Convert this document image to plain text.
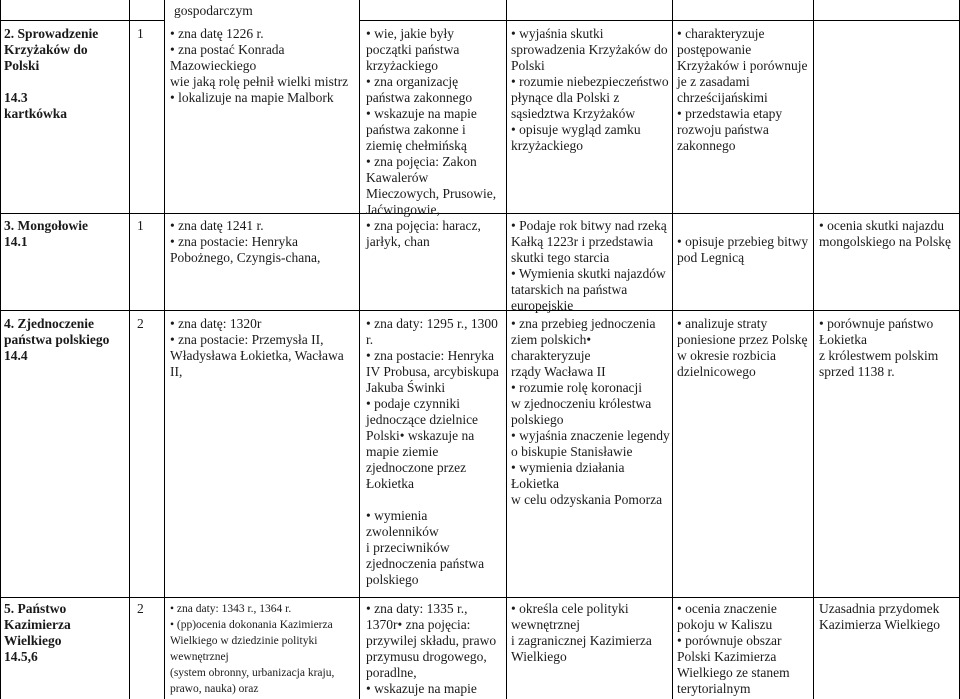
gospodarczym
2. Sprowadzenie Krzyżaków do Polski

14.3
kartkówka
1 • zna datę 1226 r.
• zna postać Konrada
Mazowieckiego
wie jaką rolę pełnił wielki mistrz
• lokalizuje na mapie Malbork
• wie, jakie były
początki państwa
krzyżackiego
• zna organizację
państwa zakonnego
• wskazuje na mapie
państwa zakonne i
ziemię chełmińską
• zna pojęcia: Zakon
Kawalerów
Mieczowych, Prusowie,
Jaćwingowie,
• wyjaśnia skutki
sprowadzenia Krzyżaków do
Polski
• rozumie niebezpieczeństwo
płynące dla Polski z
sąsiedztwa Krzyżaków
• opisuje wygląd zamku
krzyżackiego
• charakteryzuje
postępowanie
Krzyżaków i porównuje
je z zasadami
chrześcijańskimi
• przedstawia etapy
rozwoju państwa
zakonnego
3. Mongołowie
14.1
1 • zna datę 1241 r.
• zna postacie: Henryka
Pobożnego, Czyngis-chana,
• zna pojęcia: haracz,
jarłyk, chan
• Podaje rok bitwy nad rzeką
Kałką 1223r i przedstawia
skutki tego starcia
• Wymienia skutki najazdów
tatarskich na państwa
europejskie
• opisuje przebieg bitwy
pod Legnicą
• ocenia skutki najazdu
mongolskiego na Polskę
4. Zjednoczenie
państwa polskiego
14.4
2 • zna datę: 1320r
• zna postacie: Przemysła II,
Władysława Łokietka, Wacława
II,
• zna daty: 1295 r., 1300
r.
• zna postacie: Henryka
IV Probusa, arcybiskupa
Jakuba Świnki
• podaje czynniki
jednoczące dzielnice
Polski• wskazuje na
mapie ziemie
zjednoczone przez
Łokietka

• wymienia
zwolenników
i przeciwników
zjednoczenia państwa
polskiego
• zna przebieg jednoczenia
ziem polskich• charakteryzuje
rządy Wacława II
• rozumie rolę koronacji
w zjednoczeniu królestwa
polskiego
• wyjaśnia znaczenie legendy
o biskupie Stanisławie
• wymienia działania Łokietka
w celu odzyskania Pomorza
• analizuje straty
poniesione przez Polskę
w okresie rozbicia
dzielnicowego
• porównuje państwo
Łokietka
z królestwem polskim
sprzed 1138 r.
5. Państwo
Kazimierza
Wielkiego
14.5,6
2 • zna daty: 1343 r., 1364 r.
• (pp)ocenia dokonania Kazimierza
Wielkiego w dziedzinie polityki
wewnętrznej
(system obronny, urbanizacja kraju,
prawo, nauka) oraz
• zna daty: 1335 r.,
1370r• zna pojęcia:
przywilej składu, prawo
przymusu drogowego,
poradlne,
• wskazuje na mapie
• określa cele polityki
wewnętrznej
i zagranicznej Kazimierza
Wielkiego
• ocenia znaczenie
pokoju w Kaliszu
• porównuje obszar
Polski Kazimierza
Wielkiego ze stanem
terytorialnym
Uzasadnia przydomek
Kazimierza Wielkiego
